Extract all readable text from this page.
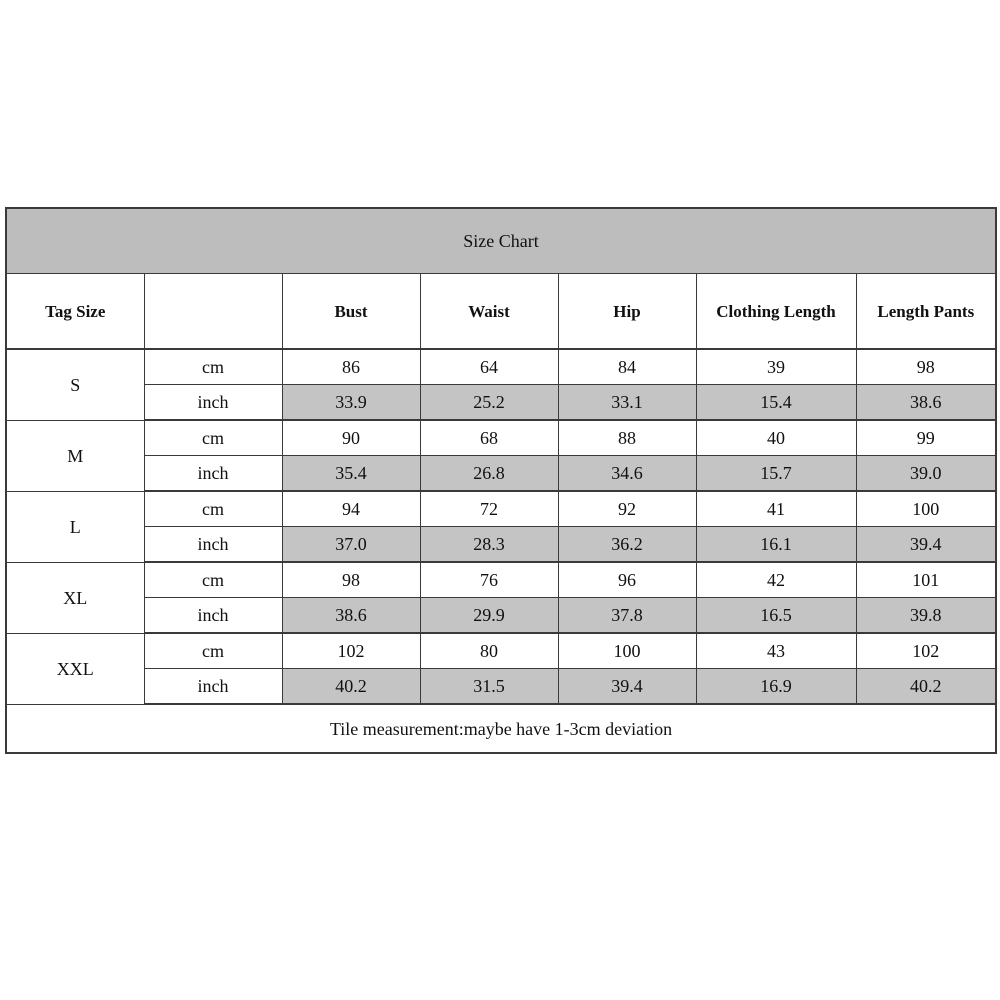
Size Chart						
Tag Size		Bust	Waist	Hip	Clothing Length	Length Pants
S	cm	86	64	84	39	98
	inch	33.9	25.2	33.1	15.4	38.6
M	cm	90	68	88	40	99
	inch	35.4	26.8	34.6	15.7	39.0
L	cm	94	72	92	41	100
	inch	37.0	28.3	36.2	16.1	39.4
XL	cm	98	76	96	42	101
	inch	38.6	29.9	37.8	16.5	39.8
XXL	cm	102	80	100	43	102
	inch	40.2	31.5	39.4	16.9	40.2
Tile measurement:maybe have 1-3cm deviation						
